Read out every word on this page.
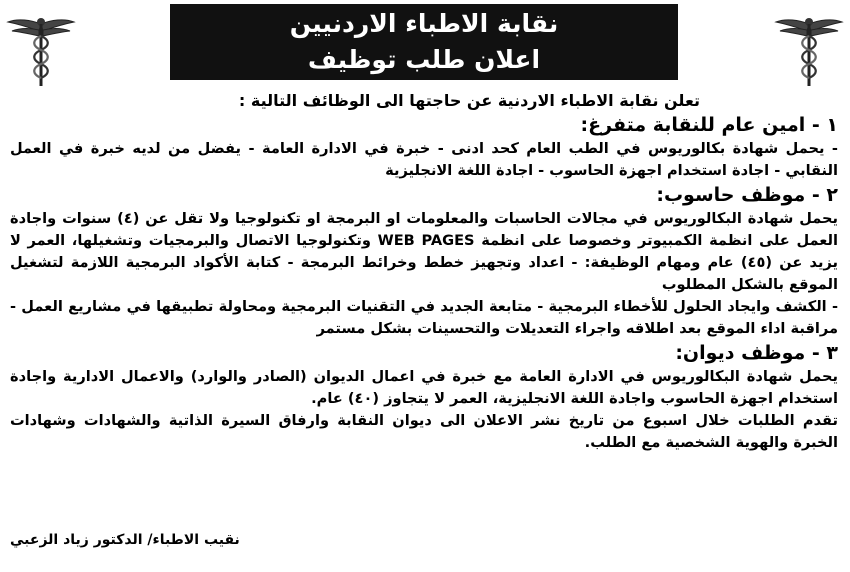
نقابة الاطباء الاردنيين
اعلان طلب توظيف
تعلن نقابة الاطباء الاردنية عن حاجتها الى الوظائف التالية :
١ - امين عام للنقابة متفرغ:
- يحمل شهادة بكالوريوس في الطب العام كحد ادنى - خبرة في الادارة العامة - يفضل من لديه خبرة في العمل النقابي - اجادة استخدام اجهزة الحاسوب - اجادة اللغة الانجليزية
٢ - موظف حاسوب:
يحمل شهادة البكالوريوس في مجالات الحاسبات والمعلومات او البرمجة او تكنولوجيا ولا تقل عن (٤) سنوات واجادة العمل على انظمة الكمبيوتر وخصوصا على انظمة WEB PAGES وتكنولوجيا الاتصال والبرمجيات وتشغيلها، العمر لا يزيد عن (٤٥) عام ومهام الوظيفة: - اعداد وتجهيز خطط وخرائط البرمجة - كتابة الأكواد البرمجية اللازمة لتشغيل الموقع بالشكل المطلوب
- الكشف وايجاد الحلول للأخطاء البرمجية - متابعة الجديد في التقنيات البرمجية ومحاولة تطبيقها في مشاريع العمل - مراقبة اداء الموقع بعد اطلاقه واجراء التعديلات والتحسينات بشكل مستمر
٣ - موظف ديوان:
يحمل شهادة البكالوريوس في الادارة العامة مع خبرة في اعمال الديوان (الصادر والوارد) والاعمال الادارية واجادة استخدام اجهزة الحاسوب واجادة اللغة الانجليزية، العمر لا يتجاوز (٤٠) عام.
تقدم الطلبات خلال اسبوع من تاريخ نشر الاعلان الى ديوان النقابة وارفاق السيرة الذاتية والشهادات وشهادات الخبرة والهوية الشخصية مع الطلب.
نقيب الاطباء/ الدكتور زياد الزعبي
